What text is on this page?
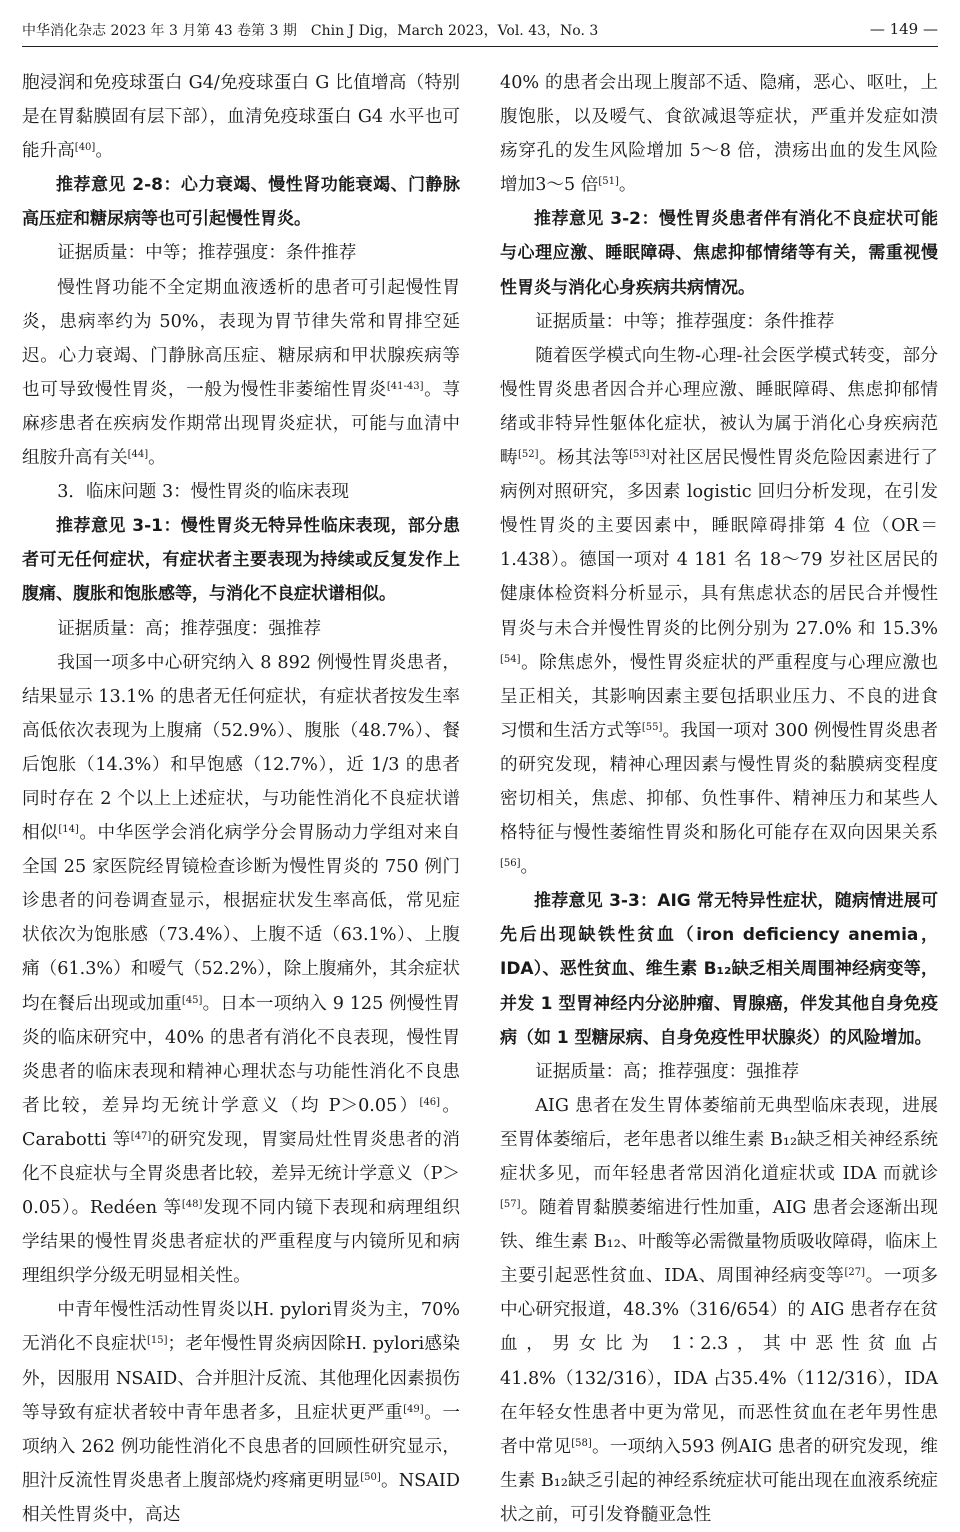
中华消化杂志 2023 年 3 月第 43 卷第 3 期　Chin J Dig，March 2023，Vol. 43，No. 3	— 149 —

胞浸润和免疫球蛋白 G4/免疫球蛋白 G 比值增高（特别是在胃黏膜固有层下部），血清免疫球蛋白 G4 水平也可能升高[40]。

推荐意见 2-8：心力衰竭、慢性肾功能衰竭、门静脉高压症和糖尿病等也可引起慢性胃炎。

证据质量：中等；推荐强度：条件推荐

慢性肾功能不全定期血液透析的患者可引起慢性胃炎，患病率约为 50%，表现为胃节律失常和胃排空延迟。心力衰竭、门静脉高压症、糖尿病和甲状腺疾病等也可导致慢性胃炎，一般为慢性非萎缩性胃炎[41-43]。荨麻疹患者在疾病发作期常出现胃炎症状，可能与血清中组胺升高有关[44]。

3．临床问题 3：慢性胃炎的临床表现

推荐意见 3-1：慢性胃炎无特异性临床表现，部分患者可无任何症状，有症状者主要表现为持续或反复发作上腹痛、腹胀和饱胀感等，与消化不良症状谱相似。

证据质量：高；推荐强度：强推荐

我国一项多中心研究纳入 8 892 例慢性胃炎患者，结果显示 13.1% 的患者无任何症状，有症状者按发生率高低依次表现为上腹痛（52.9%）、腹胀（48.7%）、餐后饱胀（14.3%）和早饱感（12.7%），近 1/3 的患者同时存在 2 个以上上述症状，与功能性消化不良症状谱相似[14]。中华医学会消化病学分会胃肠动力学组对来自全国 25 家医院经胃镜检查诊断为慢性胃炎的 750 例门诊患者的问卷调查显示，根据症状发生率高低，常见症状依次为饱胀感（73.4%）、上腹不适（63.1%）、上腹痛（61.3%）和嗳气（52.2%），除上腹痛外，其余症状均在餐后出现或加重[45]。日本一项纳入 9 125 例慢性胃炎的临床研究中，40% 的患者有消化不良表现，慢性胃炎患者的临床表现和精神心理状态与功能性消化不良患者比较，差异均无统计学意义（均 P＞0.05）[46]。Carabotti 等[47]的研究发现，胃窦局灶性胃炎患者的消化不良症状与全胃炎患者比较，差异无统计学意义（P＞0.05）。Redéen 等[48]发现不同内镜下表现和病理组织学结果的慢性胃炎患者症状的严重程度与内镜所见和病理组织学分级无明显相关性。

中青年慢性活动性胃炎以H. pylori胃炎为主，70%无消化不良症状[15]；老年慢性胃炎病因除H. pylori感染外，因服用 NSAID、合并胆汁反流、其他理化因素损伤等导致有症状者较中青年患者多，且症状更严重[49]。一项纳入 262 例功能性消化不良患者的回顾性研究显示，胆汁反流性胃炎患者上腹部烧灼疼痛更明显[50]。NSAID 相关性胃炎中，高达

40% 的患者会出现上腹部不适、隐痛，恶心、呕吐，上腹饱胀，以及嗳气、食欲减退等症状，严重并发症如溃疡穿孔的发生风险增加 5～8 倍，溃疡出血的发生风险增加3～5 倍[51]。

推荐意见 3-2：慢性胃炎患者伴有消化不良症状可能与心理应激、睡眠障碍、焦虑抑郁情绪等有关，需重视慢性胃炎与消化心身疾病共病情况。

证据质量：中等；推荐强度：条件推荐

随着医学模式向生物-心理-社会医学模式转变，部分慢性胃炎患者因合并心理应激、睡眠障碍、焦虑抑郁情绪或非特异性躯体化症状，被认为属于消化心身疾病范畴[52]。杨其法等[53]对社区居民慢性胃炎危险因素进行了病例对照研究，多因素 logistic 回归分析发现，在引发慢性胃炎的主要因素中，睡眠障碍排第 4 位（OR＝1.438）。德国一项对 4 181 名 18～79 岁社区居民的健康体检资料分析显示，具有焦虑状态的居民合并慢性胃炎与未合并慢性胃炎的比例分别为 27.0% 和 15.3%[54]。除焦虑外，慢性胃炎症状的严重程度与心理应激也呈正相关，其影响因素主要包括职业压力、不良的进食习惯和生活方式等[55]。我国一项对 300 例慢性胃炎患者的研究发现，精神心理因素与慢性胃炎的黏膜病变程度密切相关，焦虑、抑郁、负性事件、精神压力和某些人格特征与慢性萎缩性胃炎和肠化可能存在双向因果关系[56]。

推荐意见 3-3：AIG 常无特异性症状，随病情进展可先后出现缺铁性贫血（iron deficiency anemia，IDA）、恶性贫血、维生素 B₁₂缺乏相关周围神经病变等，并发 1 型胃神经内分泌肿瘤、胃腺癌，伴发其他自身免疫病（如 1 型糖尿病、自身免疫性甲状腺炎）的风险增加。

证据质量：高；推荐强度：强推荐

AIG 患者在发生胃体萎缩前无典型临床表现，进展至胃体萎缩后，老年患者以维生素 B₁₂缺乏相关神经系统症状多见，而年轻患者常因消化道症状或 IDA 而就诊[57]。随着胃黏膜萎缩进行性加重，AIG 患者会逐渐出现铁、维生素 B₁₂、叶酸等必需微量物质吸收障碍，临床上主要引起恶性贫血、IDA、周围神经病变等[27]。一项多中心研究报道，48.3%（316/654）的 AIG 患者存在贫血，男女比为 1∶2.3，其中恶性贫血占 41.8%（132/316），IDA 占35.4%（112/316），IDA 在年轻女性患者中更为常见，而恶性贫血在老年男性患者中常见[58]。一项纳入593 例AIG 患者的研究发现，维生素 B₁₂缺乏引起的神经系统症状可能出现在血液系统症状之前，可引发脊髓亚急性
